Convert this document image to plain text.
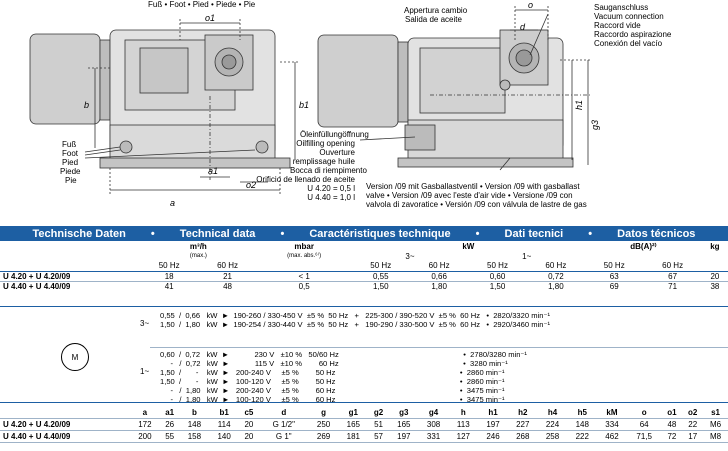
Fuß • Foot • Pied • Piede • Pie
o1
b	b1
a
a1
o2
Fuß
Foot
Pied
Piede
Pie
Appertura cambio
Salida de aceite
o
d
h1
g3
Sauganschluss
Vacuum connection
Raccord vide
Raccordo aspirazione
Conexión del vacío
Öleinfüllungöffnung
Oilfilling opening
Ouverture
remplissage huile
Bocca di riempimento
Orificio de llenado de aceite
U 4.20 = 0,5 l
U 4.40 = 1,0 l
Version /09 mit Gasballastventil • Version /09 with gasballast
valve • Version /09 avec l'este d'air vide • Versione /09 con
valvola di zavoratice • Versión /09 con válvula de lastre de gas
Technische Daten • Technical data • Caractéristiques technique • Dati tecnici • Datos técnicos
	m³/h		mbar	kW				dB(A)²⁾		kg
	(max.)		(max. abs.⁶⁾)	3~		1~				
	50 Hz	60 Hz		50 Hz	60 Hz	50 Hz	60 Hz	50 Hz	60 Hz	
U 4.20 + U 4.20/09	18	21	< 1	0,55	0,66	0,60	0,72	63	67	20
U 4.40 + U 4.40/09	41	48	0,5	1,50	1,80	1,50	1,80	69	71	38
M
3~
1~
0,55  /  0,66   kW  ►  190-260 / 330-450 V  ±5 %  50 Hz   +   225-300 / 390-520 V  ±5 %  60 Hz   •  2820/3320 min⁻¹
1,50  /  1,80   kW  ►  190-254 / 330-440 V  ±5 %  50 Hz   +   190-290 / 330-500 V  ±5 %  60 Hz   •  2920/3460 min⁻¹
0,60  /  0,72   kW  ►            230 V   ±10 %   50/60 Hz                                                           •  2780/3280 min⁻¹
-   /  0,72   kW  ►            115 V   ±10 %        60 Hz                                                           •  3280 min⁻¹
1,50  /       -    kW  ►   200-240 V     ±5 %        50 Hz                                                           •  2860 min⁻¹
1,50  /       -    kW  ►   100-120 V     ±5 %        50 Hz                                                           •  2860 min⁻¹
-   /  1,80   kW  ►   200-240 V     ±5 %        60 Hz                                                           •  3475 min⁻¹
-   /  1,80   kW  ►   100-120 V     ±5 %        60 Hz                                                           •  3475 min⁻¹
	a	a1	b	b1	c5	d	g	g1	g2	g3	g4	h	h1	h2	h4	h5	kM	o	o1	o2	s1
U 4.20 + U 4.20/09	172	26	148	114	20	G 1/2"	250	165	51	165	308	113	197	227	224	148	334	64	48	22	M6
U 4.40 + U 4.40/09	200	55	158	140	20	G 1"	269	181	57	197	331	127	246	268	258	222	462	71,5	72	17	M8
